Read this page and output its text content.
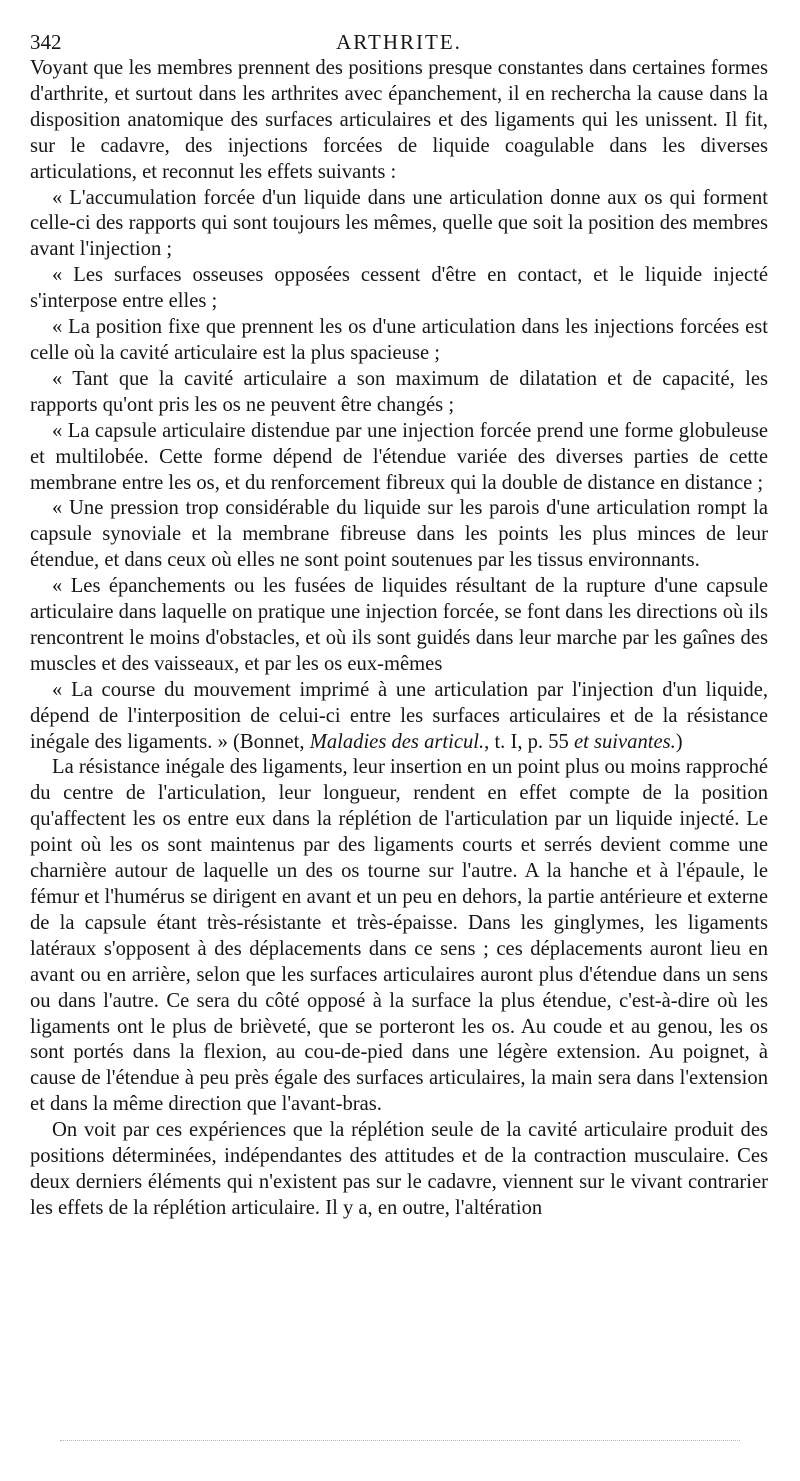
342	ARTHRITE.

Voyant que les membres prennent des positions presque constantes dans certaines formes d'arthrite, et surtout dans les arthrites avec épanchement, il en rechercha la cause dans la disposition anatomique des surfaces articulaires et des ligaments qui les unissent. Il fit, sur le cadavre, des injections forcées de liquide coagulable dans les diverses articulations, et reconnut les effets suivants :

« L'accumulation forcée d'un liquide dans une articulation donne aux os qui forment celle-ci des rapports qui sont toujours les mêmes, quelle que soit la position des membres avant l'injection ;

« Les surfaces osseuses opposées cessent d'être en contact, et le liquide injecté s'interpose entre elles ;

« La position fixe que prennent les os d'une articulation dans les injections forcées est celle où la cavité articulaire est la plus spacieuse ;

« Tant que la cavité articulaire a son maximum de dilatation et de capacité, les rapports qu'ont pris les os ne peuvent être changés ;

« La capsule articulaire distendue par une injection forcée prend une forme globuleuse et multilobée. Cette forme dépend de l'étendue variée des diverses parties de cette membrane entre les os, et du renforcement fibreux qui la double de distance en distance ;

« Une pression trop considérable du liquide sur les parois d'une articulation rompt la capsule synoviale et la membrane fibreuse dans les points les plus minces de leur étendue, et dans ceux où elles ne sont point soutenues par les tissus environnants.

« Les épanchements ou les fusées de liquides résultant de la rupture d'une capsule articulaire dans laquelle on pratique une injection forcée, se font dans les directions où ils rencontrent le moins d'obstacles, et où ils sont guidés dans leur marche par les gaînes des muscles et des vaisseaux, et par les os eux-mêmes

« La course du mouvement imprimé à une articulation par l'injection d'un liquide, dépend de l'interposition de celui-ci entre les surfaces articulaires et de la résistance inégale des ligaments. » (Bonnet, Maladies des articul., t. I, p. 55 et suivantes.)

La résistance inégale des ligaments, leur insertion en un point plus ou moins rapproché du centre de l'articulation, leur longueur, rendent en effet compte de la position qu'affectent les os entre eux dans la réplétion de l'articulation par un liquide injecté. Le point où les os sont maintenus par des ligaments courts et serrés devient comme une charnière autour de laquelle un des os tourne sur l'autre. A la hanche et à l'épaule, le fémur et l'humérus se dirigent en avant et un peu en dehors, la partie antérieure et externe de la capsule étant très-résistante et très-épaisse. Dans les ginglymes, les ligaments latéraux s'opposent à des déplacements dans ce sens ; ces déplacements auront lieu en avant ou en arrière, selon que les surfaces articulaires auront plus d'étendue dans un sens ou dans l'autre. Ce sera du côté opposé à la surface la plus étendue, c'est-à-dire où les ligaments ont le plus de brièveté, que se porteront les os. Au coude et au genou, les os sont portés dans la flexion, au cou-de-pied dans une légère extension. Au poignet, à cause de l'étendue à peu près égale des surfaces articulaires, la main sera dans l'extension et dans la même direction que l'avant-bras.

On voit par ces expériences que la réplétion seule de la cavité articulaire produit des positions déterminées, indépendantes des attitudes et de la contraction musculaire. Ces deux derniers éléments qui n'existent pas sur le cadavre, viennent sur le vivant contrarier les effets de la réplétion articulaire. Il y a, en outre, l'altération
